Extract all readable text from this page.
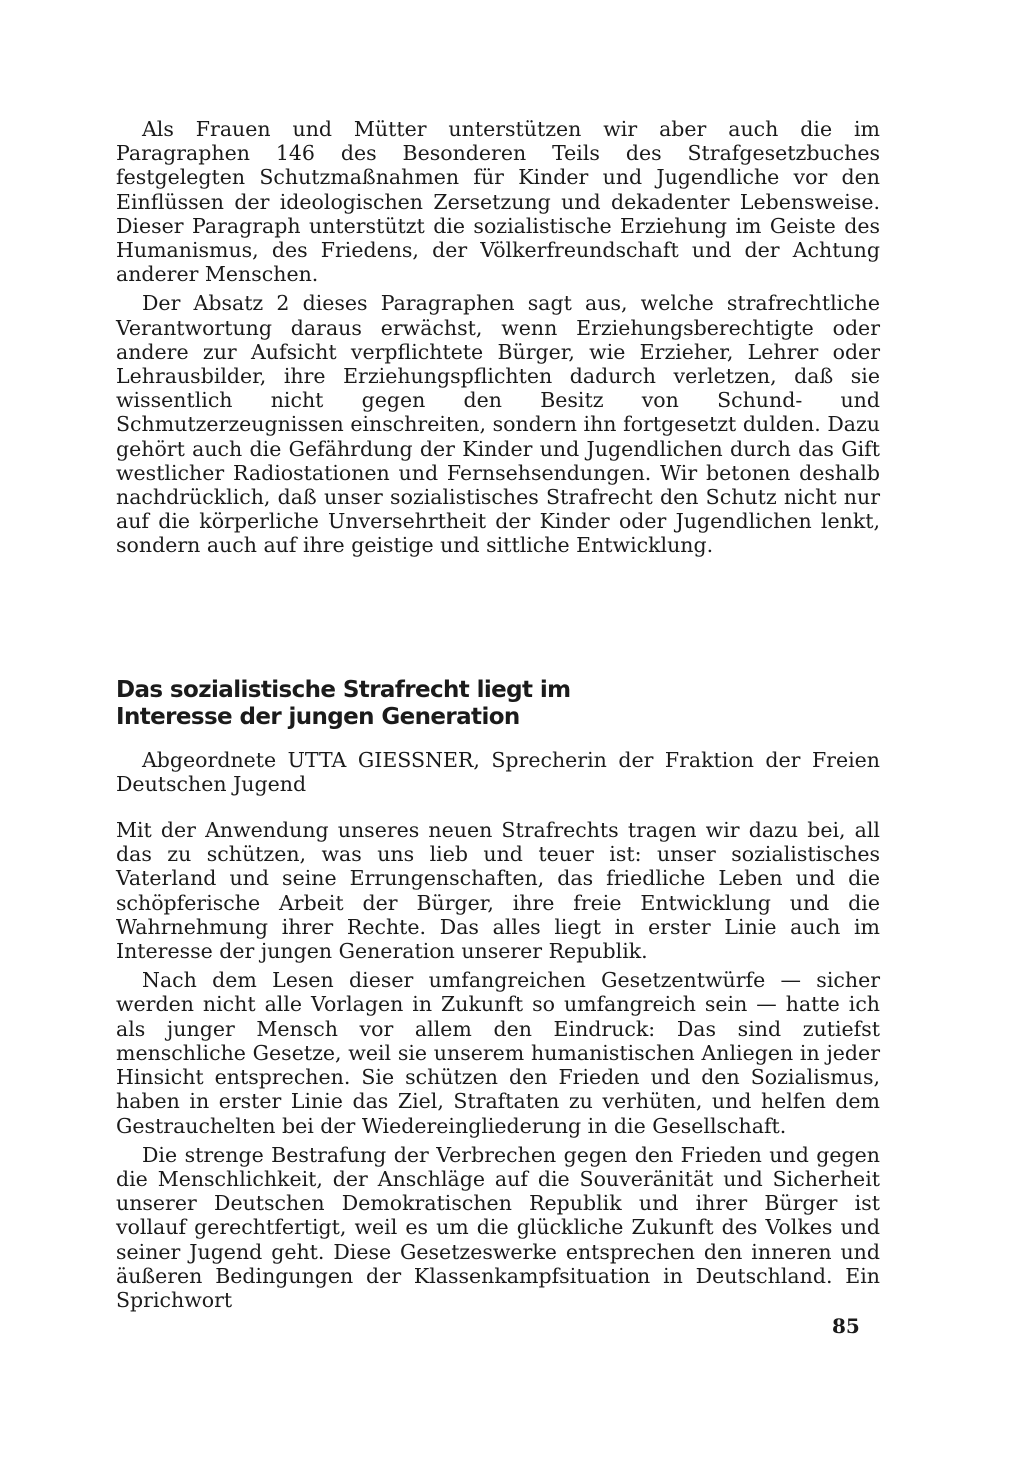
Als Frauen und Mütter unterstützen wir aber auch die im Paragraphen 146 des Besonderen Teils des Strafgesetzbuches festgelegten Schutzmaßnahmen für Kinder und Jugendliche vor den Einflüssen der ideologischen Zersetzung und dekadenter Lebensweise. Dieser Paragraph unterstützt die sozialistische Erziehung im Geiste des Humanismus, des Friedens, der Völkerfreundschaft und der Achtung anderer Menschen.

Der Absatz 2 dieses Paragraphen sagt aus, welche strafrechtliche Verantwortung daraus erwächst, wenn Erziehungsberechtigte oder andere zur Aufsicht verpflichtete Bürger, wie Erzieher, Lehrer oder Lehrausbilder, ihre Erziehungspflichten dadurch verletzen, daß sie wissentlich nicht gegen den Besitz von Schund- und Schmutzerzeugnissen einschreiten, sondern ihn fortgesetzt dulden. Dazu gehört auch die Gefährdung der Kinder und Jugendlichen durch das Gift westlicher Radiostationen und Fernsehsendungen. Wir betonen deshalb nachdrücklich, daß unser sozialistisches Strafrecht den Schutz nicht nur auf die körperliche Unversehrtheit der Kinder oder Jugendlichen lenkt, sondern auch auf ihre geistige und sittliche Entwicklung.

Das sozialistische Strafrecht liegt im Interesse der jungen Generation

Abgeordnete UTTA GIESSNER, Sprecherin der Fraktion der Freien Deutschen Jugend

Mit der Anwendung unseres neuen Strafrechts tragen wir dazu bei, all das zu schützen, was uns lieb und teuer ist: unser sozialistisches Vaterland und seine Errungenschaften, das friedliche Leben und die schöpferische Arbeit der Bürger, ihre freie Entwicklung und die Wahrnehmung ihrer Rechte. Das alles liegt in erster Linie auch im Interesse der jungen Generation unserer Republik.

Nach dem Lesen dieser umfangreichen Gesetzentwürfe — sicher werden nicht alle Vorlagen in Zukunft so umfangreich sein — hatte ich als junger Mensch vor allem den Eindruck: Das sind zutiefst menschliche Gesetze, weil sie unserem humanistischen Anliegen in jeder Hinsicht entsprechen. Sie schützen den Frieden und den Sozialismus, haben in erster Linie das Ziel, Straftaten zu verhüten, und helfen dem Gestrauchelten bei der Wiedereingliederung in die Gesellschaft.

Die strenge Bestrafung der Verbrechen gegen den Frieden und gegen die Menschlichkeit, der Anschläge auf die Souveränität und Sicherheit unserer Deutschen Demokratischen Republik und ihrer Bürger ist vollauf gerechtfertigt, weil es um die glückliche Zukunft des Volkes und seiner Jugend geht. Diese Gesetzeswerke entsprechen den inneren und äußeren Bedingungen der Klassenkampfsituation in Deutschland. Ein Sprichwort

85
